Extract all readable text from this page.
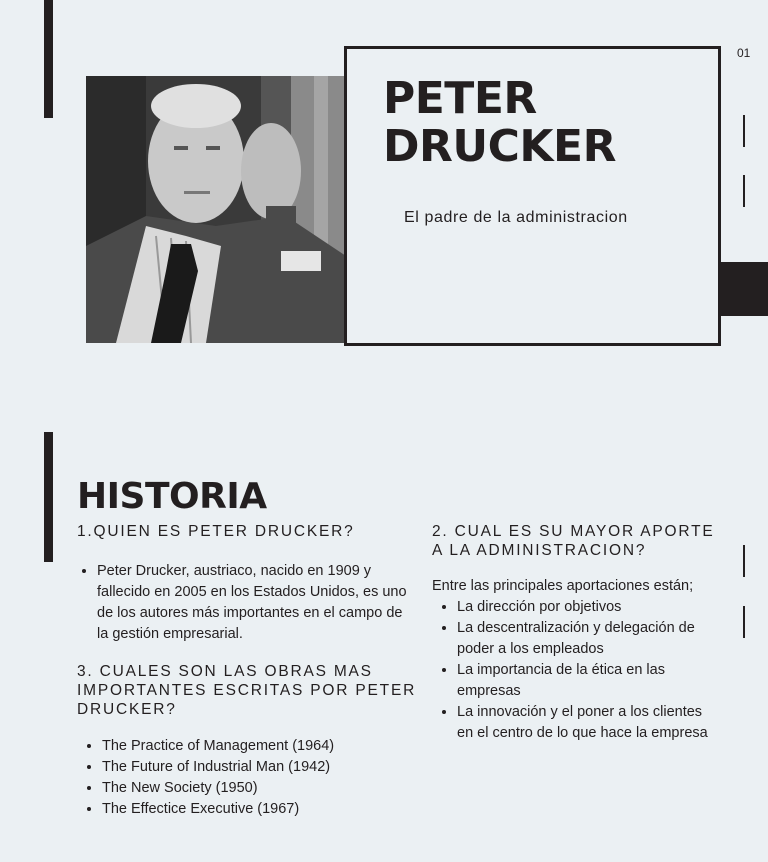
01
PETER
DRUCKER
El padre de la administracion
HISTORIA
1.QUIEN ES PETER DRUCKER?
• Peter Drucker, austriaco, nacido en 1909 y fallecido en 2005 en los Estados Unidos, es uno de los autores más importantes en el campo de la gestión empresarial.
3. CUALES SON LAS OBRAS MAS IMPORTANTES ESCRITAS POR PETER DRUCKER?
• The Practice of Management (1964)
• The Future of Industrial Man (1942)
• The New Society (1950)
• The Effectice Executive (1967)
2. CUAL ES SU MAYOR APORTE A LA ADMINISTRACION?
Entre las principales aportaciones están;
• La dirección por objetivos
• La descentralización y delegación de poder a los empleados
• La importancia de la ética en las empresas
• La innovación y el poner a los clientes en el centro de lo que hace la empresa
